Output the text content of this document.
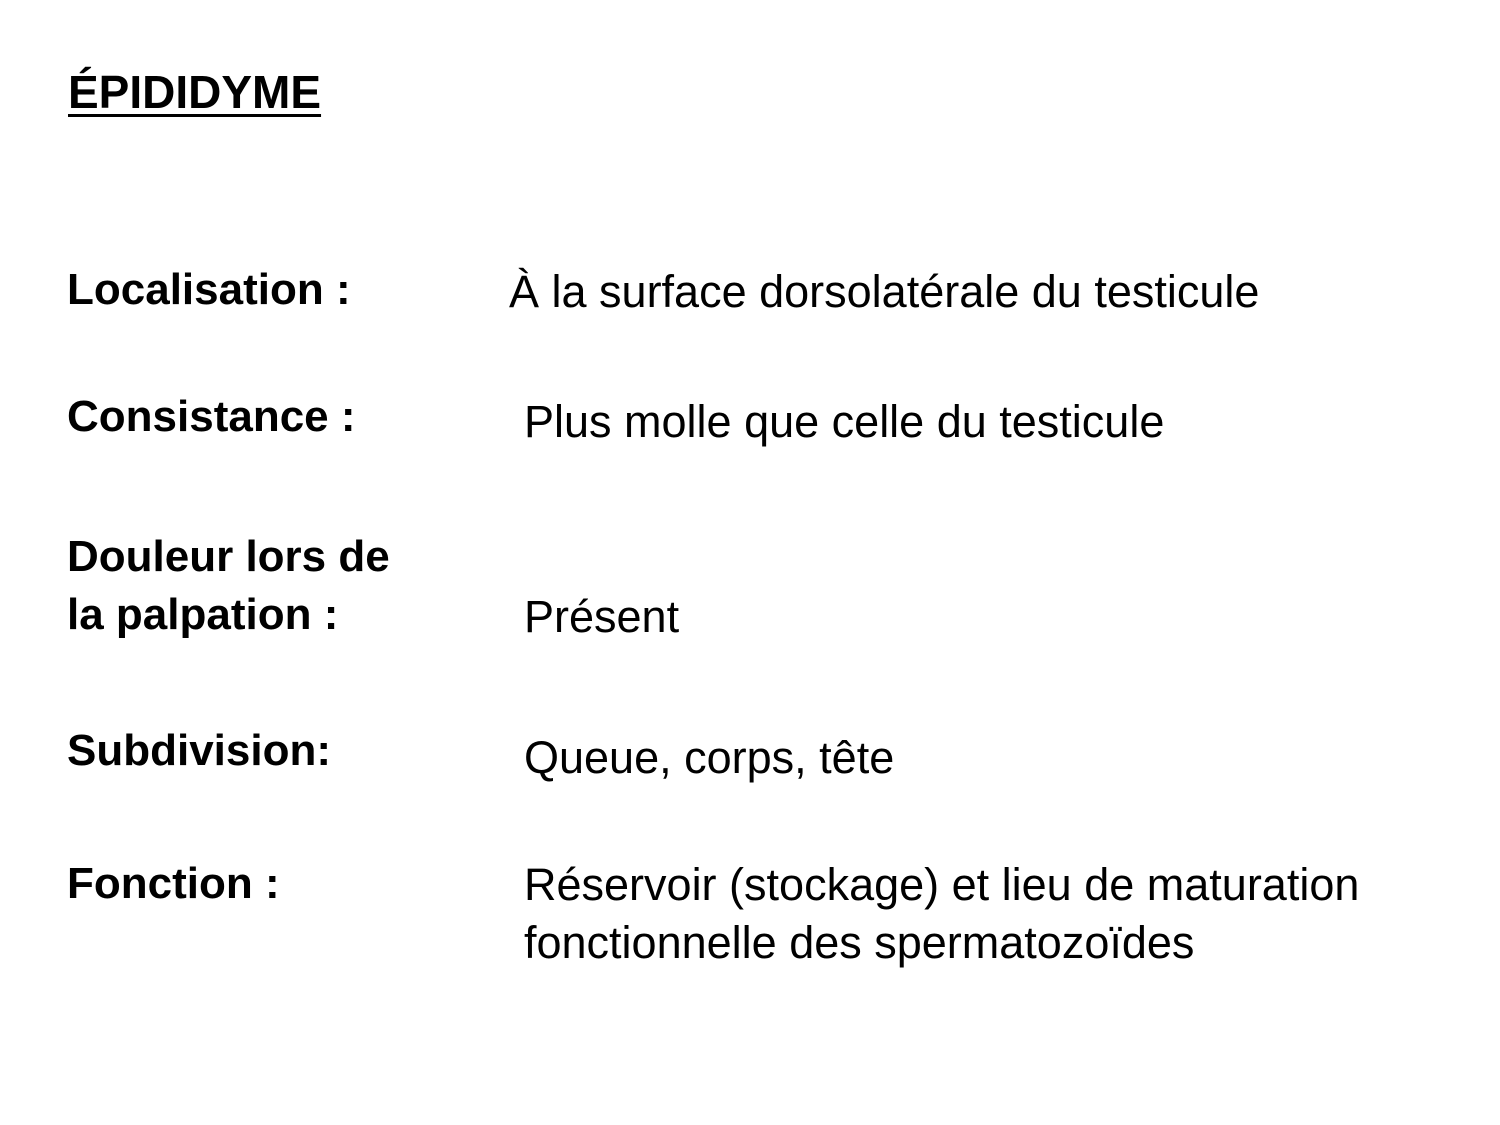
ÉPIDIDYME
Localisation :	À la surface dorsolatérale du testicule
Consistance :	Plus molle que celle du testicule
Douleur lors de
la palpation :	Présent
Subdivision:	Queue, corps, tête
Fonction :	Réservoir (stockage) et lieu de maturation
fonctionnelle des spermatozoïdes
